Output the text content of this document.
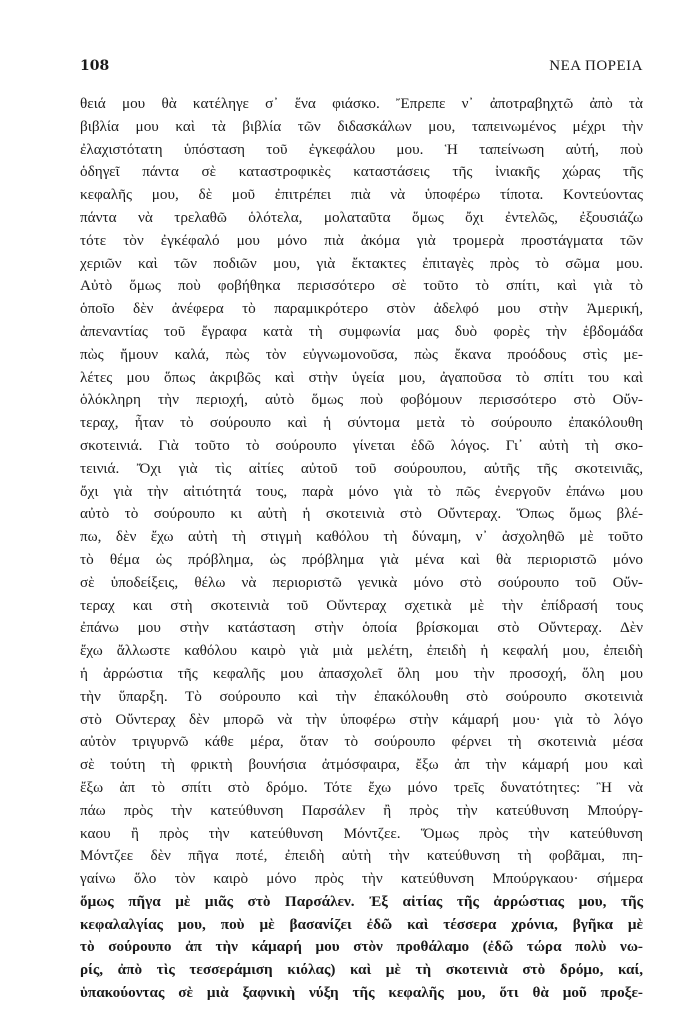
108	ΝΕΑ ΠΟΡΕΙΑ
θειά μου θὰ κατέληγε σ᾽ ἕνα φιάσκο. Ἔπρεπε ν᾽ ἀποτραβηχτῶ ἀπὸ τὰ
βιβλία μου καὶ τὰ βιβλία τῶν διδασκάλων μου, ταπεινωμένος μέχρι τὴν
ἐλαχιστότατη ὑπόσταση τοῦ ἐγκεφάλου μου. Ἡ ταπείνωση αὐτή, ποὺ
ὁδηγεῖ πάντα σὲ καταστροφικὲς καταστάσεις τῆς ἰνιακῆς χώρας τῆς
κεφαλῆς μου, δὲ μοῦ ἐπιτρέπει πιὰ νὰ ὑποφέρω τίποτα. Κοντεύοντας
πάντα νὰ τρελαθῶ ὁλότελα, μολαταῦτα ὅμως ὄχι ἐντελῶς, ἐξουσιάζω
τότε τὸν ἐγκέφαλό μου μόνο πιὰ ἀκόμα γιὰ τρομερὰ προστάγματα τῶν
χεριῶν καὶ τῶν ποδιῶν μου, γιὰ ἔκτακτες ἐπιταγὲς πρὸς τὸ σῶμα μου.
Αὐτὸ ὅμως ποὺ φοβήθηκα περισσότερο σὲ τοῦτο τὸ σπίτι, καὶ γιὰ τὸ
ὁποῖο δὲν ἀνέφερα τὸ παραμικρότερο στὸν ἀδελφό μου στὴν Ἀμερική,
ἀπεναντίας τοῦ ἔγραφα κατὰ τὴ συμφωνία μας δυὸ φορὲς τὴν ἑβδομάδα
πὼς ἤμουν καλά, πὼς τὸν εὐγνωμονοῦσα, πὼς ἔκανα προόδους στὶς με-
λέτες μου ὅπως ἀκριβῶς καὶ στὴν ὑγεία μου, ἀγαποῦσα τὸ σπίτι του καὶ
ὁλόκληρη τὴν περιοχή, αὐτὸ ὅμως ποὺ φοβόμουν περισσότερο στὸ Οὔν-
τεραχ, ἦταν τὸ σούρουπο καὶ ἡ σύντομα μετὰ τὸ σούρουπο ἐπακόλουθη
σκοτεινιά. Γιὰ τοῦτο τὸ σούρουπο γίνεται ἐδῶ λόγος. Γι᾽ αὐτὴ τὴ σκο-
τεινιά. Ὄχι γιὰ τὶς αἰτίες αὐτοῦ τοῦ σούρουπου, αὐτῆς τῆς σκοτεινιᾶς,
ὄχι γιὰ τὴν αἰτιότητά τους, παρὰ μόνο γιὰ τὸ πῶς ἐνεργοῦν ἐπάνω μου
αὐτὸ τὸ σούρουπο κι αὐτὴ ἡ σκοτεινιὰ στὸ Οὔντεραχ. Ὅπως ὅμως βλέ-
πω, δὲν ἔχω αὐτὴ τὴ στιγμὴ καθόλου τὴ δύναμη, ν᾽ ἀσχοληθῶ μὲ τοῦτο
τὸ θέμα ὡς πρόβλημα, ὡς πρόβλημα γιὰ μένα καὶ θὰ περιοριστῶ μόνο
σὲ ὑποδείξεις, θέλω νὰ περιοριστῶ γενικὰ μόνο στὸ σούρουπο τοῦ Οὔν-
τεραχ και στὴ σκοτεινιὰ τοῦ Οὔντεραχ σχετικὰ μὲ τὴν ἐπίδρασή τους
ἐπάνω μου στὴν κατάσταση στὴν ὁποία βρίσκομαι στὸ Οὔντεραχ. Δὲν
ἔχω ἄλλωστε καθόλου καιρὸ γιὰ μιὰ μελέτη, ἐπειδὴ ἡ κεφαλή μου, ἐπειδὴ
ἡ ἀρρώστια τῆς κεφαλῆς μου ἀπασχολεῖ ὅλη μου τὴν προσοχή, ὅλη μου
τὴν ὕπαρξη. Τὸ σούρουπο καὶ τὴν ἐπακόλουθη στὸ σούρουπο σκοτεινιὰ
στὸ Οὔντεραχ δὲν μπορῶ νὰ τὴν ὑποφέρω στὴν κάμαρή μου· γιὰ τὸ λόγο
αὐτὸν τριγυρνῶ κάθε μέρα, ὅταν τὸ σούρουπο φέρνει τὴ σκοτεινιὰ μέσα
σὲ τούτη τὴ φρικτὴ βουνήσια ἀτμόσφαιρα, ἔξω ἀπ τὴν κάμαρή μου καὶ
ἔξω ἀπ τὸ σπίτι στὸ δρόμο. Τότε ἔχω μόνο τρεῖς δυνατότητες: Ἢ νὰ
πάω πρὸς τὴν κατεύθυνση Παρσάλεν ἢ πρὸς τὴν κατεύθυνση Μπούργ-
καου ἢ πρὸς τὴν κατεύθυνση Μόντζεε. Ὅμως πρὸς τὴν κατεύθυνση
Μόντζεε δὲν πῆγα ποτέ, ἐπειδὴ αὐτὴ τὴν κατεύθυνση τὴ φοβᾶμαι, πη-
γαίνω ὅλο τὸν καιρὸ μόνο πρὸς τὴν κατεύθυνση Μπούργκαου· σήμερα
ὅμως πῆγα μὲ μιᾶς στὸ Παρσάλεν. Ἐξ αἰτίας τῆς ἀρρώστιας μου, τῆς
κεφαλαλγίας μου, ποὺ μὲ βασανίζει ἐδῶ καὶ τέσσερα χρόνια, βγῆκα μὲ
τὸ σούρουπο ἀπ τὴν κάμαρή μου στὸν προθάλαμο (ἐδῶ τώρα πολὺ νω-
ρίς, ἀπὸ τὶς τεσσεράμιση κιόλας) καὶ μὲ τὴ σκοτεινιὰ στὸ δρόμο, καί,
ὑπακούοντας σὲ μιὰ ξαφνικὴ νύξη τῆς κεφαλῆς μου, ὅτι θὰ μοῦ προξε-
